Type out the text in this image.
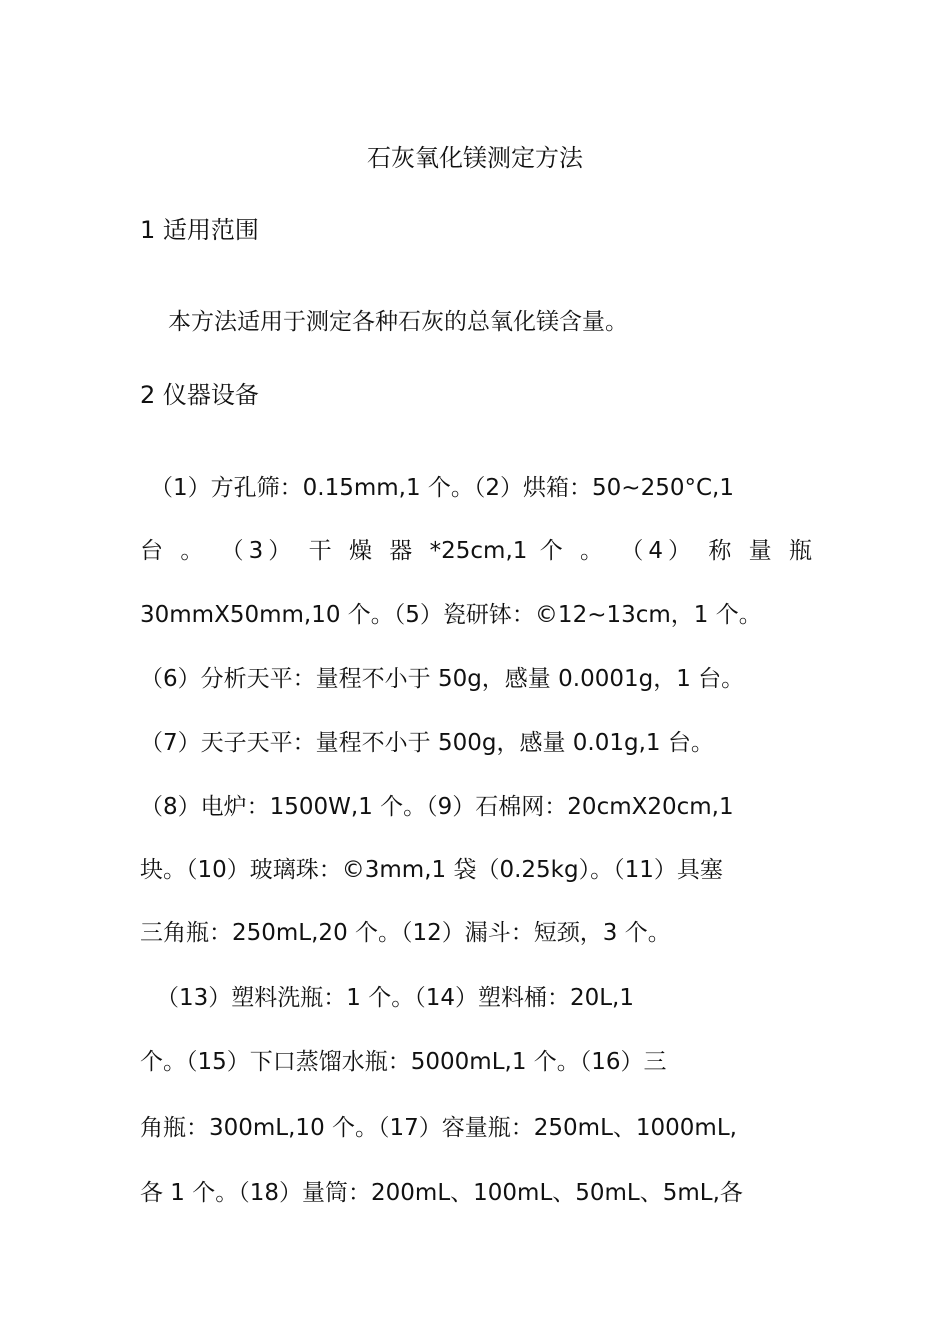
石灰氧化镁测定方法
1 适用范围
本方法适用于测定各种石灰的总氧化镁含量。
2 仪器设备
（1）方孔筛：0.15mm,1 个。（2）烘箱：50~250°C,1
台 。 （3） 干 燥 器 *25cm,1 个 。 （4） 称 量 瓶
30mmX50mm,10 个。（5）瓷研钵：©12~13cm，1 个。
（6）分析天平：量程不小于 50g，感量 0.0001g，1 台。
（7）天子天平：量程不小于 500g，感量 0.01g,1 台。
（8）电炉：1500W,1 个。（9）石棉网：20cmX20cm,1
块。（10）玻璃珠：©3mm,1 袋（0.25kg）。（11）具塞
三角瓶：250mL,20 个。（12）漏斗：短颈，3 个。
（13）塑料洗瓶：1 个。（14）塑料桶：20L,1
个。（15）下口蒸馏水瓶：5000mL,1 个。（16）三
角瓶：300mL,10 个。（17）容量瓶：250mL、1000mL,
各 1 个。（18）量筒：200mL、100mL、50mL、5mL,各
